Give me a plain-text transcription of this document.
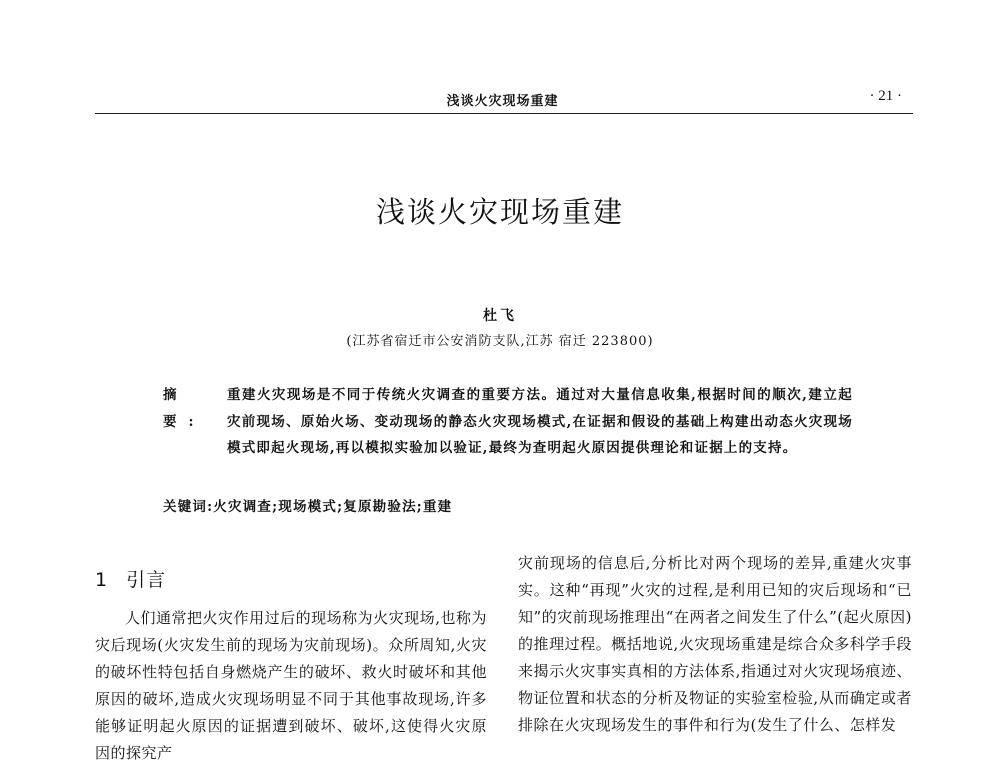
浅谈火灾现场重建	· 21 ·
浅谈火灾现场重建
杜飞
(江苏省宿迁市公安消防支队,江苏 宿迁 223800)
摘 要:
重建火灾现场是不同于传统火灾调查的重要方法。通过对大量信息收集,根据时间的顺次,建立起灾前现场、原始火场、变动现场的静态火灾现场模式,在证据和假设的基础上构建出动态火灾现场模式即起火现场,再以模拟实验加以验证,最终为查明起火原因提供理论和证据上的支持。
关键词:火灾调查;现场模式;复原勘验法;重建
1 引言

人们通常把火灾作用过后的现场称为火灾现场,也称为灾后现场(火灾发生前的现场为灾前现场)。众所周知,火灾的破坏性特包括自身燃烧产生的破坏、救火时破坏和其他原因的破坏,造成火灾现场明显不同于其他事故现场,许多能够证明起火原因的证据遭到破坏、破坏,这使得火灾原因的探究产

灾前现场的信息后,分析比对两个现场的差异,重建火灾事实。这种“再现”火灾的过程,是利用已知的灾后现场和“已知”的灾前现场推理出“在两者之间发生了什么”(起火原因)的推理过程。概括地说,火灾现场重建是综合众多科学手段来揭示火灾事实真相的方法体系,指通过对火灾现场痕迹、物证位置和状态的分析及物证的实验室检验,从而确定或者排除在火灾现场发生的事件和行为(发生了什么、怎样发
